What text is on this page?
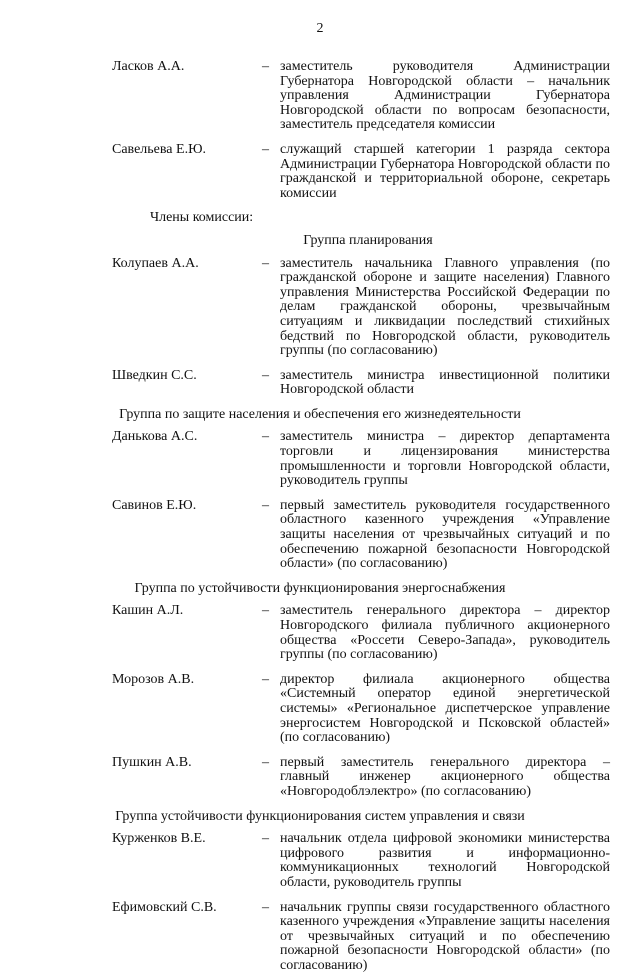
2
Ласков А.А.	– заместитель руководителя Администрации Губернатора Новгородской области – начальник управления Администрации Губернатора Новгородской области по вопросам безопасности, заместитель председателя комиссии
Савельева Е.Ю.	– служащий старшей категории 1 разряда сектора Администрации Губернатора Новгородской области по гражданской и территориальной обороне, секретарь комиссии
Члены комиссии:
Группа планирования
Колупаев А.А.	– заместитель начальника Главного управления (по гражданской обороне и защите населения) Главного управления Министерства Российской Федерации по делам гражданской обороны, чрезвычайным ситуациям и ликвидации последствий стихийных бедствий по Новгородской области, руководитель группы (по согласованию)
Шведкин С.С.	– заместитель министра инвестиционной политики Новгородской области
Группа по защите населения и обеспечения его жизнедеятельности
Данькова А.С.	– заместитель министра – директор департамента торговли и лицензирования министерства промышленности и торговли Новгородской области, руководитель группы
Савинов Е.Ю.	– первый заместитель руководителя государственного областного казенного учреждения «Управление защиты населения от чрезвычайных ситуаций и по обеспечению пожарной безопасности Новгородской области» (по согласованию)
Группа по устойчивости функционирования энергоснабжения
Кашин А.Л.	– заместитель генерального директора – директор Новгородского филиала публичного акционерного общества «Россети Северо-Запада», руководитель группы (по согласованию)
Морозов А.В.	– директор филиала акционерного общества «Системный оператор единой энергетической системы» «Региональное диспетчерское управление энергосистем Новгородской и Псковской областей» (по согласованию)
Пушкин А.В.	– первый заместитель генерального директора – главный инженер акционерного общества «Новгородоблэлектро» (по согласованию)
Группа устойчивости функционирования систем управления и связи
Курженков В.Е.	– начальник отдела цифровой экономики министерства цифрового развития и информационно-коммуникационных технологий Новгородской области, руководитель группы
Ефимовский С.В.	– начальник группы связи государственного областного казенного учреждения «Управление защиты населения от чрезвычайных ситуаций и по обеспечению пожарной безопасности Новгородской области» (по согласованию)
